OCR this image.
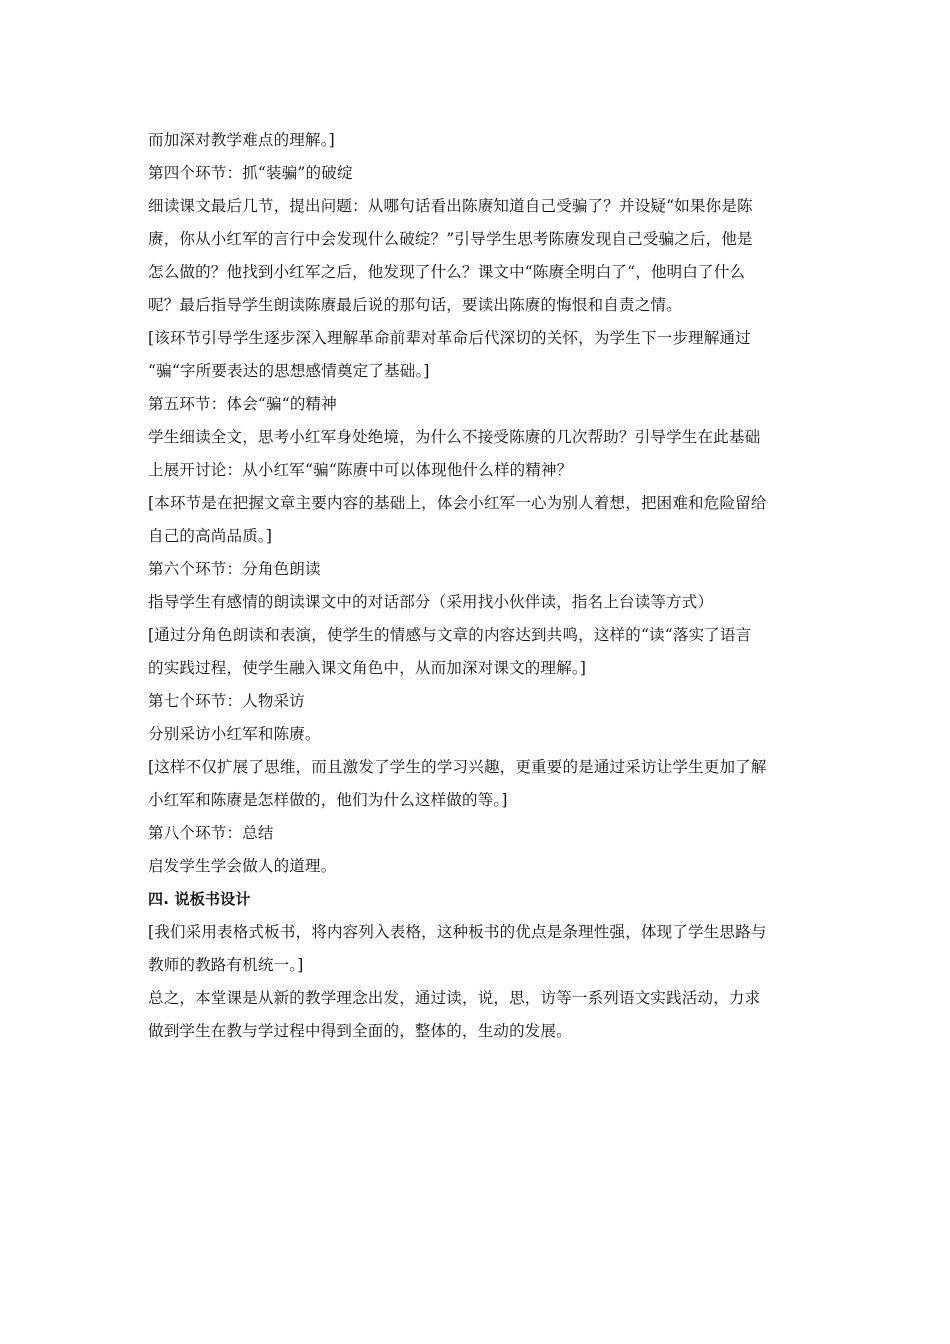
而加深对教学难点的理解。]
第四个环节：抓“装骗”的破绽
细读课文最后几节，提出问题：从哪句话看出陈赓知道自己受骗了？并设疑“如果你是陈
赓，你从小红军的言行中会发现什么破绽？”引导学生思考陈赓发现自己受骗之后，他是
怎么做的？他找到小红军之后，他发现了什么？课文中“陈赓全明白了“，他明白了什么
呢？最后指导学生朗读陈赓最后说的那句话，要读出陈赓的悔恨和自责之情。
[该环节引导学生逐步深入理解革命前辈对革命后代深切的关怀，为学生下一步理解通过
“骗“字所要表达的思想感情奠定了基础。]
第五环节：体会“骗“的精神
学生细读全文，思考小红军身处绝境，为什么不接受陈赓的几次帮助？引导学生在此基础
上展开讨论：从小红军“骗“陈赓中可以体现他什么样的精神？
[本环节是在把握文章主要内容的基础上，体会小红军一心为别人着想，把困难和危险留给
自己的高尚品质。]
第六个环节：分角色朗读
指导学生有感情的朗读课文中的对话部分（采用找小伙伴读，指名上台读等方式）
[通过分角色朗读和表演，使学生的情感与文章的内容达到共鸣，这样的“读“落实了语言
的实践过程，使学生融入课文角色中，从而加深对课文的理解。]
第七个环节：人物采访
分别采访小红军和陈赓。
[这样不仅扩展了思维，而且激发了学生的学习兴趣，更重要的是通过采访让学生更加了解
小红军和陈赓是怎样做的，他们为什么这样做的等。]
第八个环节：总结
启发学生学会做人的道理。
四. 说板书设计
[我们采用表格式板书，将内容列入表格，这种板书的优点是条理性强，体现了学生思路与
教师的教路有机统一。]
总之，本堂课是从新的教学理念出发，通过读，说，思，访等一系列语文实践活动，力求
做到学生在教与学过程中得到全面的，整体的，生动的发展。
